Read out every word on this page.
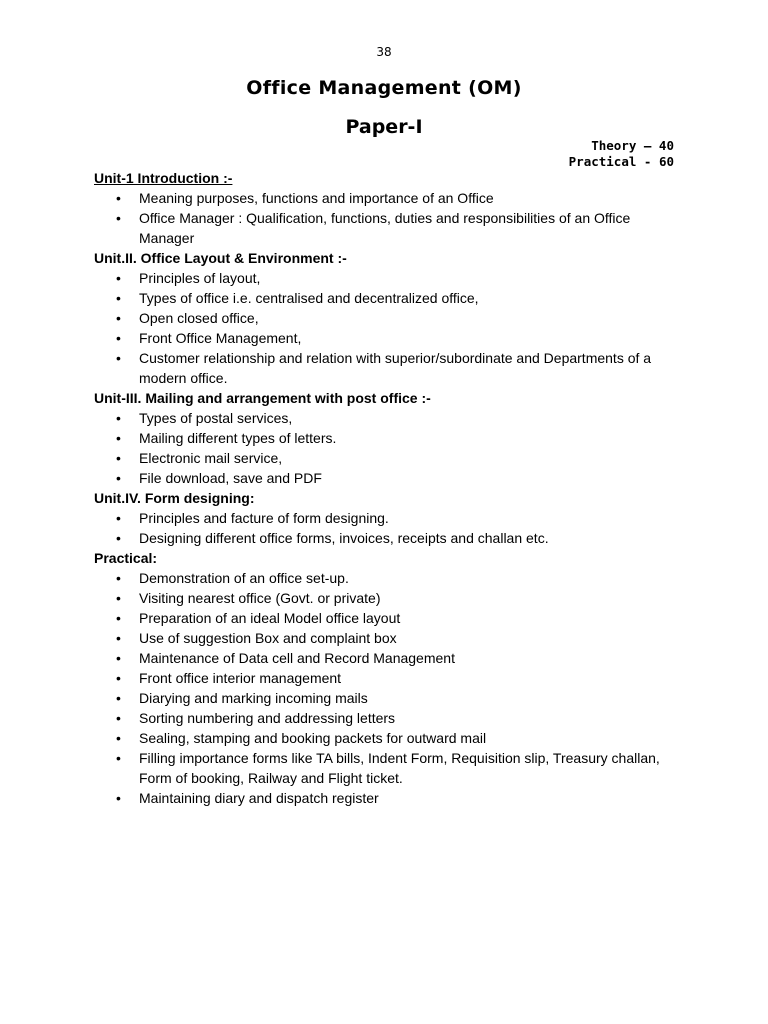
38
Office Management (OM)
Paper-I
Theory – 40
Practical - 60

Unit-1 Introduction :-

• Meaning purposes, functions and importance of an Office
• Office Manager : Qualification, functions, duties and responsibilities of an Office Manager

Unit.II. Office Layout & Environment :-

• Principles of layout,
• Types of office i.e. centralised and decentralized office,
• Open closed office,
• Front Office Management,
• Customer relationship and relation with superior/subordinate and Departments of a modern office.

Unit-III. Mailing and arrangement with post office :-

• Types of postal services,
• Mailing different types of letters.
• Electronic mail service,
• File download, save and PDF

Unit.IV. Form designing:

• Principles and facture of form designing.
• Designing different office forms, invoices, receipts and challan etc.

Practical:

• Demonstration of an office set-up.
• Visiting nearest office (Govt. or private)
• Preparation of an ideal Model office layout
• Use of suggestion Box and complaint box
• Maintenance of Data cell and Record Management
• Front office interior management
• Diarying and marking incoming mails
• Sorting numbering and addressing letters
• Sealing, stamping and booking packets for outward mail
• Filling importance forms like TA bills, Indent Form, Requisition slip, Treasury challan, Form of booking, Railway and Flight ticket.
• Maintaining diary and dispatch register
